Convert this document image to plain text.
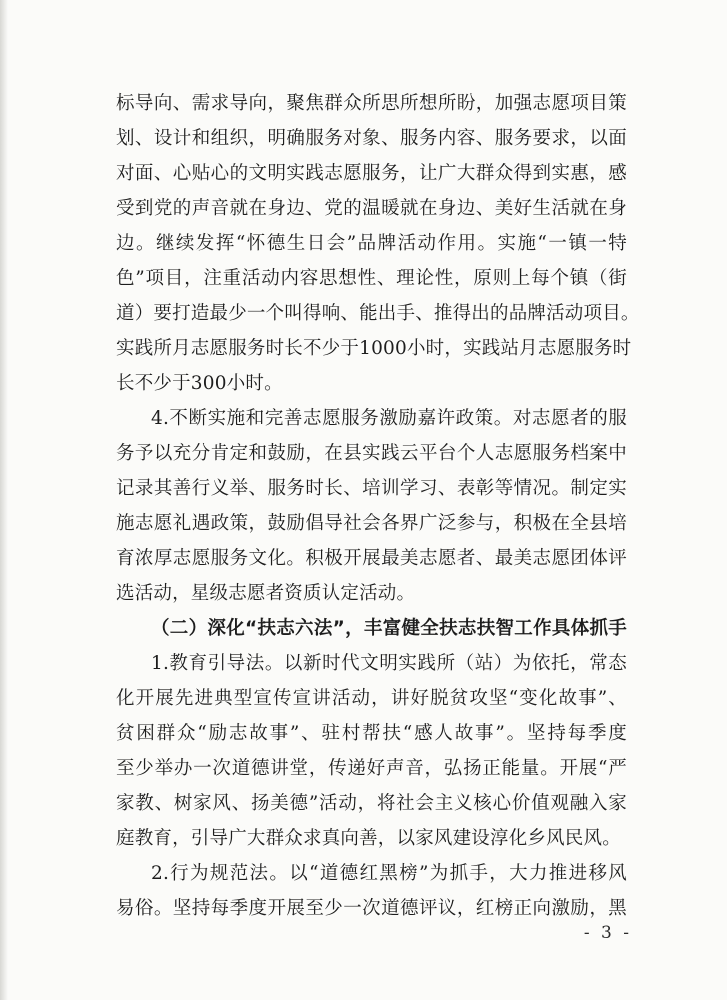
标导向、需求导向，聚焦群众所思所想所盼，加强志愿项目策
划、设计和组织，明确服务对象、服务内容、服务要求，以面
对面、心贴心的文明实践志愿服务，让广大群众得到实惠，感
受到党的声音就在身边、党的温暖就在身边、美好生活就在身
边。继续发挥“怀德生日会”品牌活动作用。实施“一镇一特
色”项目，注重活动内容思想性、理论性，原则上每个镇（街
道）要打造最少一个叫得响、能出手、推得出的品牌活动项目。
实践所月志愿服务时长不少于1000小时，实践站月志愿服务时
长不少于300小时。
4.不断实施和完善志愿服务激励嘉许政策。对志愿者的服
务予以充分肯定和鼓励，在县实践云平台个人志愿服务档案中
记录其善行义举、服务时长、培训学习、表彰等情况。制定实
施志愿礼遇政策，鼓励倡导社会各界广泛参与，积极在全县培
育浓厚志愿服务文化。积极开展最美志愿者、最美志愿团体评
选活动，星级志愿者资质认定活动。
（二）深化“扶志六法”，丰富健全扶志扶智工作具体抓手
1.教育引导法。以新时代文明实践所（站）为依托，常态
化开展先进典型宣传宣讲活动，讲好脱贫攻坚“变化故事”、
贫困群众“励志故事”、驻村帮扶“感人故事”。坚持每季度
至少举办一次道德讲堂，传递好声音，弘扬正能量。开展“严
家教、树家风、扬美德”活动，将社会主义核心价值观融入家
庭教育，引导广大群众求真向善，以家风建设淳化乡风民风。
2.行为规范法。以“道德红黑榜”为抓手，大力推进移风
易俗。坚持每季度开展至少一次道德评议，红榜正向激励，黑
- 3 -
